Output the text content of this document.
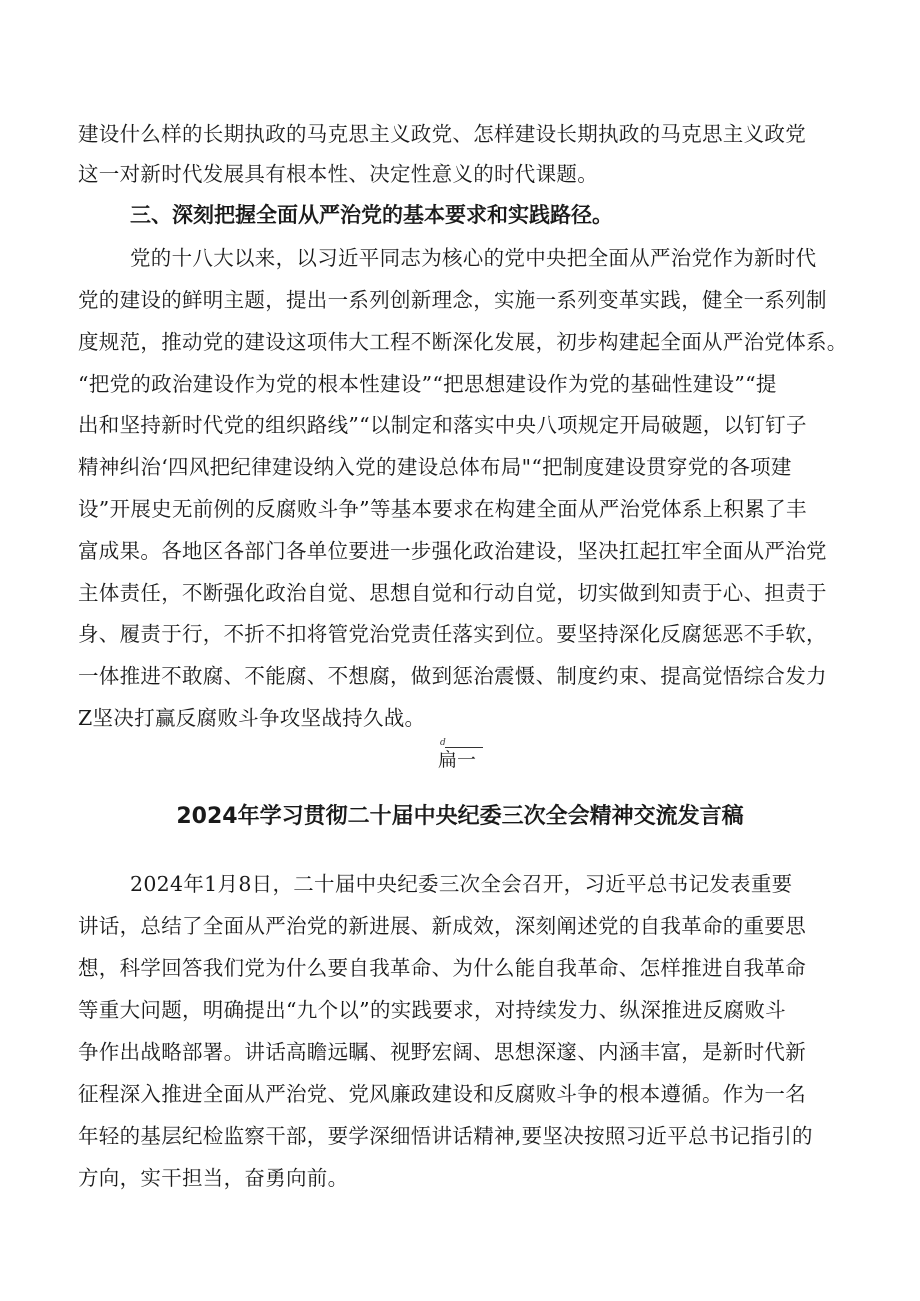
建设什么样的长期执政的马克思主义政党、怎样建设长期执政的马克思主义政党
这一对新时代发展具有根本性、决定性意义的时代课题。
三、深刻把握全面从严治党的基本要求和实践路径。
党的十八大以来，以习近平同志为核心的党中央把全面从严治党作为新时代
党的建设的鲜明主题，提出一系列创新理念，实施一系列变革实践，健全一系列制
度规范，推动党的建设这项伟大工程不断深化发展，初步构建起全面从严治党体系。
“把党的政治建设作为党的根本性建设”“把思想建设作为党的基础性建设”“提
出和坚持新时代党的组织路线”“以制定和落实中央八项规定开局破题，以钉钉子
精神纠治‘四风把纪律建设纳入党的建设总体布局"“把制度建设贯穿党的各项建
设”开展史无前例的反腐败斗争”等基本要求在构建全面从严治党体系上积累了丰
富成果。各地区各部门各单位要进一步强化政治建设，坚决扛起扛牢全面从严治党
主体责任，不断强化政治自觉、思想自觉和行动自觉，切实做到知责于心、担责于
身、履责于行，不折不扣将管党治党责任落实到位。要坚持深化反腐惩恶不手软，
一体推进不敢腐、不能腐、不想腐，做到惩治震慑、制度约束、提高觉悟综合发力
Z坚决打赢反腐败斗争攻坚战持久战。
d
扁一
2024年学习贯彻二十届中央纪委三次全会精神交流发言稿
2024年1月8日，二十届中央纪委三次全会召开，习近平总书记发表重要
讲话，总结了全面从严治党的新进展、新成效，深刻阐述党的自我革命的重要思
想，科学回答我们党为什么要自我革命、为什么能自我革命、怎样推进自我革命
等重大问题，明确提出“九个以”的实践要求，对持续发力、纵深推进反腐败斗
争作出战略部署。讲话高瞻远瞩、视野宏阔、思想深邃、内涵丰富，是新时代新
征程深入推进全面从严治党、党风廉政建设和反腐败斗争的根本遵循。作为一名
年轻的基层纪检监察干部，要学深细悟讲话精神,要坚决按照习近平总书记指引的
方向，实干担当，奋勇向前。
